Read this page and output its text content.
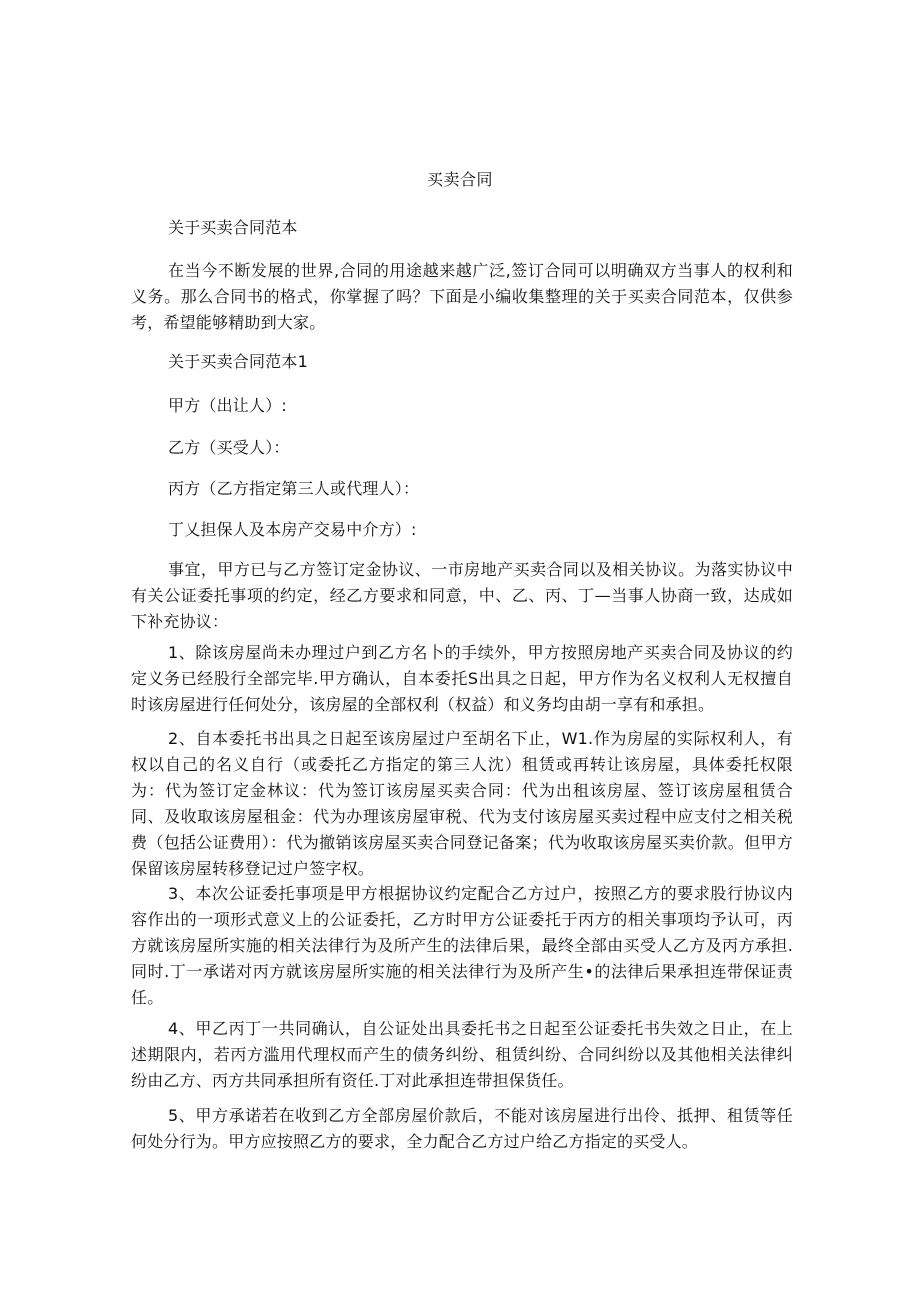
买卖合同

关于买卖合同范本

在当今不断发展的世界,合同的用途越来越广泛,签订合同可以明确双方当事人的权利和义务。那么合同书的格式，你掌握了吗？下面是小编收集整理的关于买卖合同范本，仅供参考，希望能够精助到大家。

关于买卖合同范本1

甲方（出让人）:

乙方（买受人）：

丙方（乙方指定第三人或代理人）：

丁乂担保人及本房产交易中介方）:

事宜，甲方已与乙方签订定金协议、一市房地产买卖合同以及相关协议。为落实协议中有关公证委托事项的约定，经乙方要求和同意，中、乙、丙、丁—当事人协商一致，达成如下补充协议：

1、除该房屋尚未办理过户到乙方名卜的手续外，甲方按照房地产买卖合同及协议的约定义务已经股行全部完毕.甲方确认，自本委托S出具之日起，甲方作为名义权利人无权擅自时该房屋进行任何处分，该房屋的全部权利（权益）和义务均由胡一享有和承担。

2、自本委托书出具之日起至该房屋过户至胡名下止，W1.作为房屋的实际权利人，有权以自己的名义自行（或委托乙方指定的第三人沈）租赁或再转让该房屋，具体委托权限为：代为签订定金林议：代为签订该房屋买卖合同：代为出租该房屋、签订该房屋租赁合同、及收取该房屋租金：代为办理该房屋审税、代为支付该房屋买卖过程中应支付之相关税费（包括公证费用）：代为撤销该房屋买卖合同登记备案；代为收取该房屋买卖价款。但甲方保留该房屋转移登记过户签字权。

3、本次公证委托事项是甲方根据协议约定配合乙方过户，按照乙方的要求股行协议内容作出的一项形式意义上的公证委托，乙方时甲方公证委托于丙方的相关事项均予认可，丙方就该房屋所实施的相关法律行为及所产生的法律后果，最终全部由买受人乙方及丙方承担.同时.丁一承诺对丙方就该房屋所实施的相关法律行为及所产生•的法律后果承担连带保证责任。

4、甲乙丙丁一共同确认，自公证处出具委托书之日起至公证委托书失效之日止，在上述期限内，若丙方滥用代理权而产生的债务纠纷、租赁纠纷、合同纠纷以及其他相关法律纠纷由乙方、丙方共同承担所有资任.丁对此承担连带担保货任。

5、甲方承诺若在收到乙方全部房屋价款后，不能对该房屋进行出伶、抵押、租赁等任何处分行为。甲方应按照乙方的要求，全力配合乙方过户给乙方指定的买受人。
